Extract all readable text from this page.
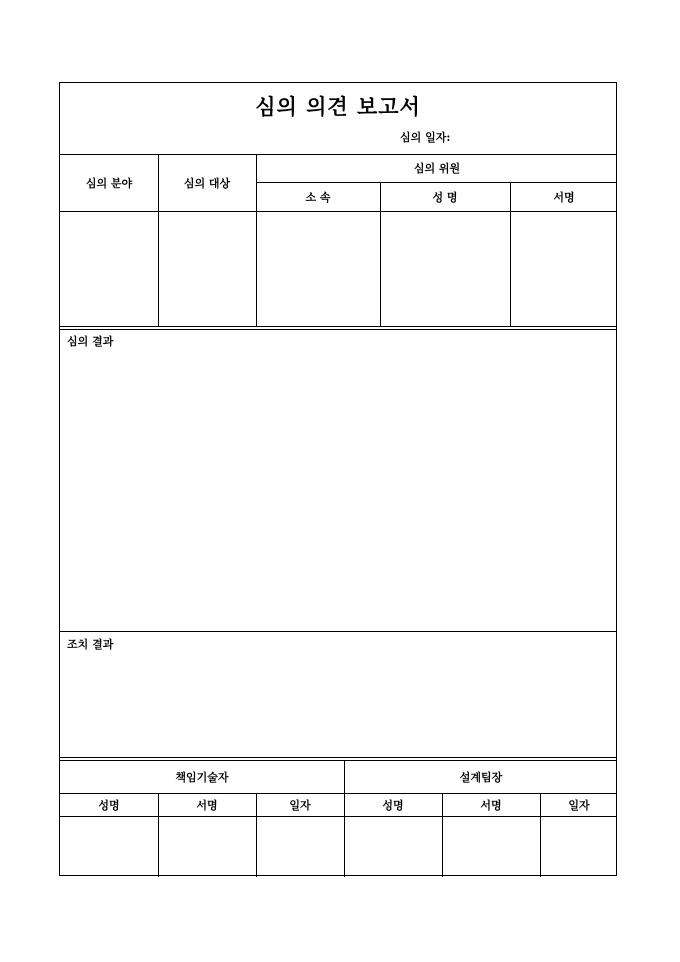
심의 의견 보고서
심의 일자:
심의 분야	심의 대상
심의 위원
소 속	성 명	서명
심의 결과
조치 결과
책임기술자	설계팀장
성명	서명	일자	성명	서명	일자
